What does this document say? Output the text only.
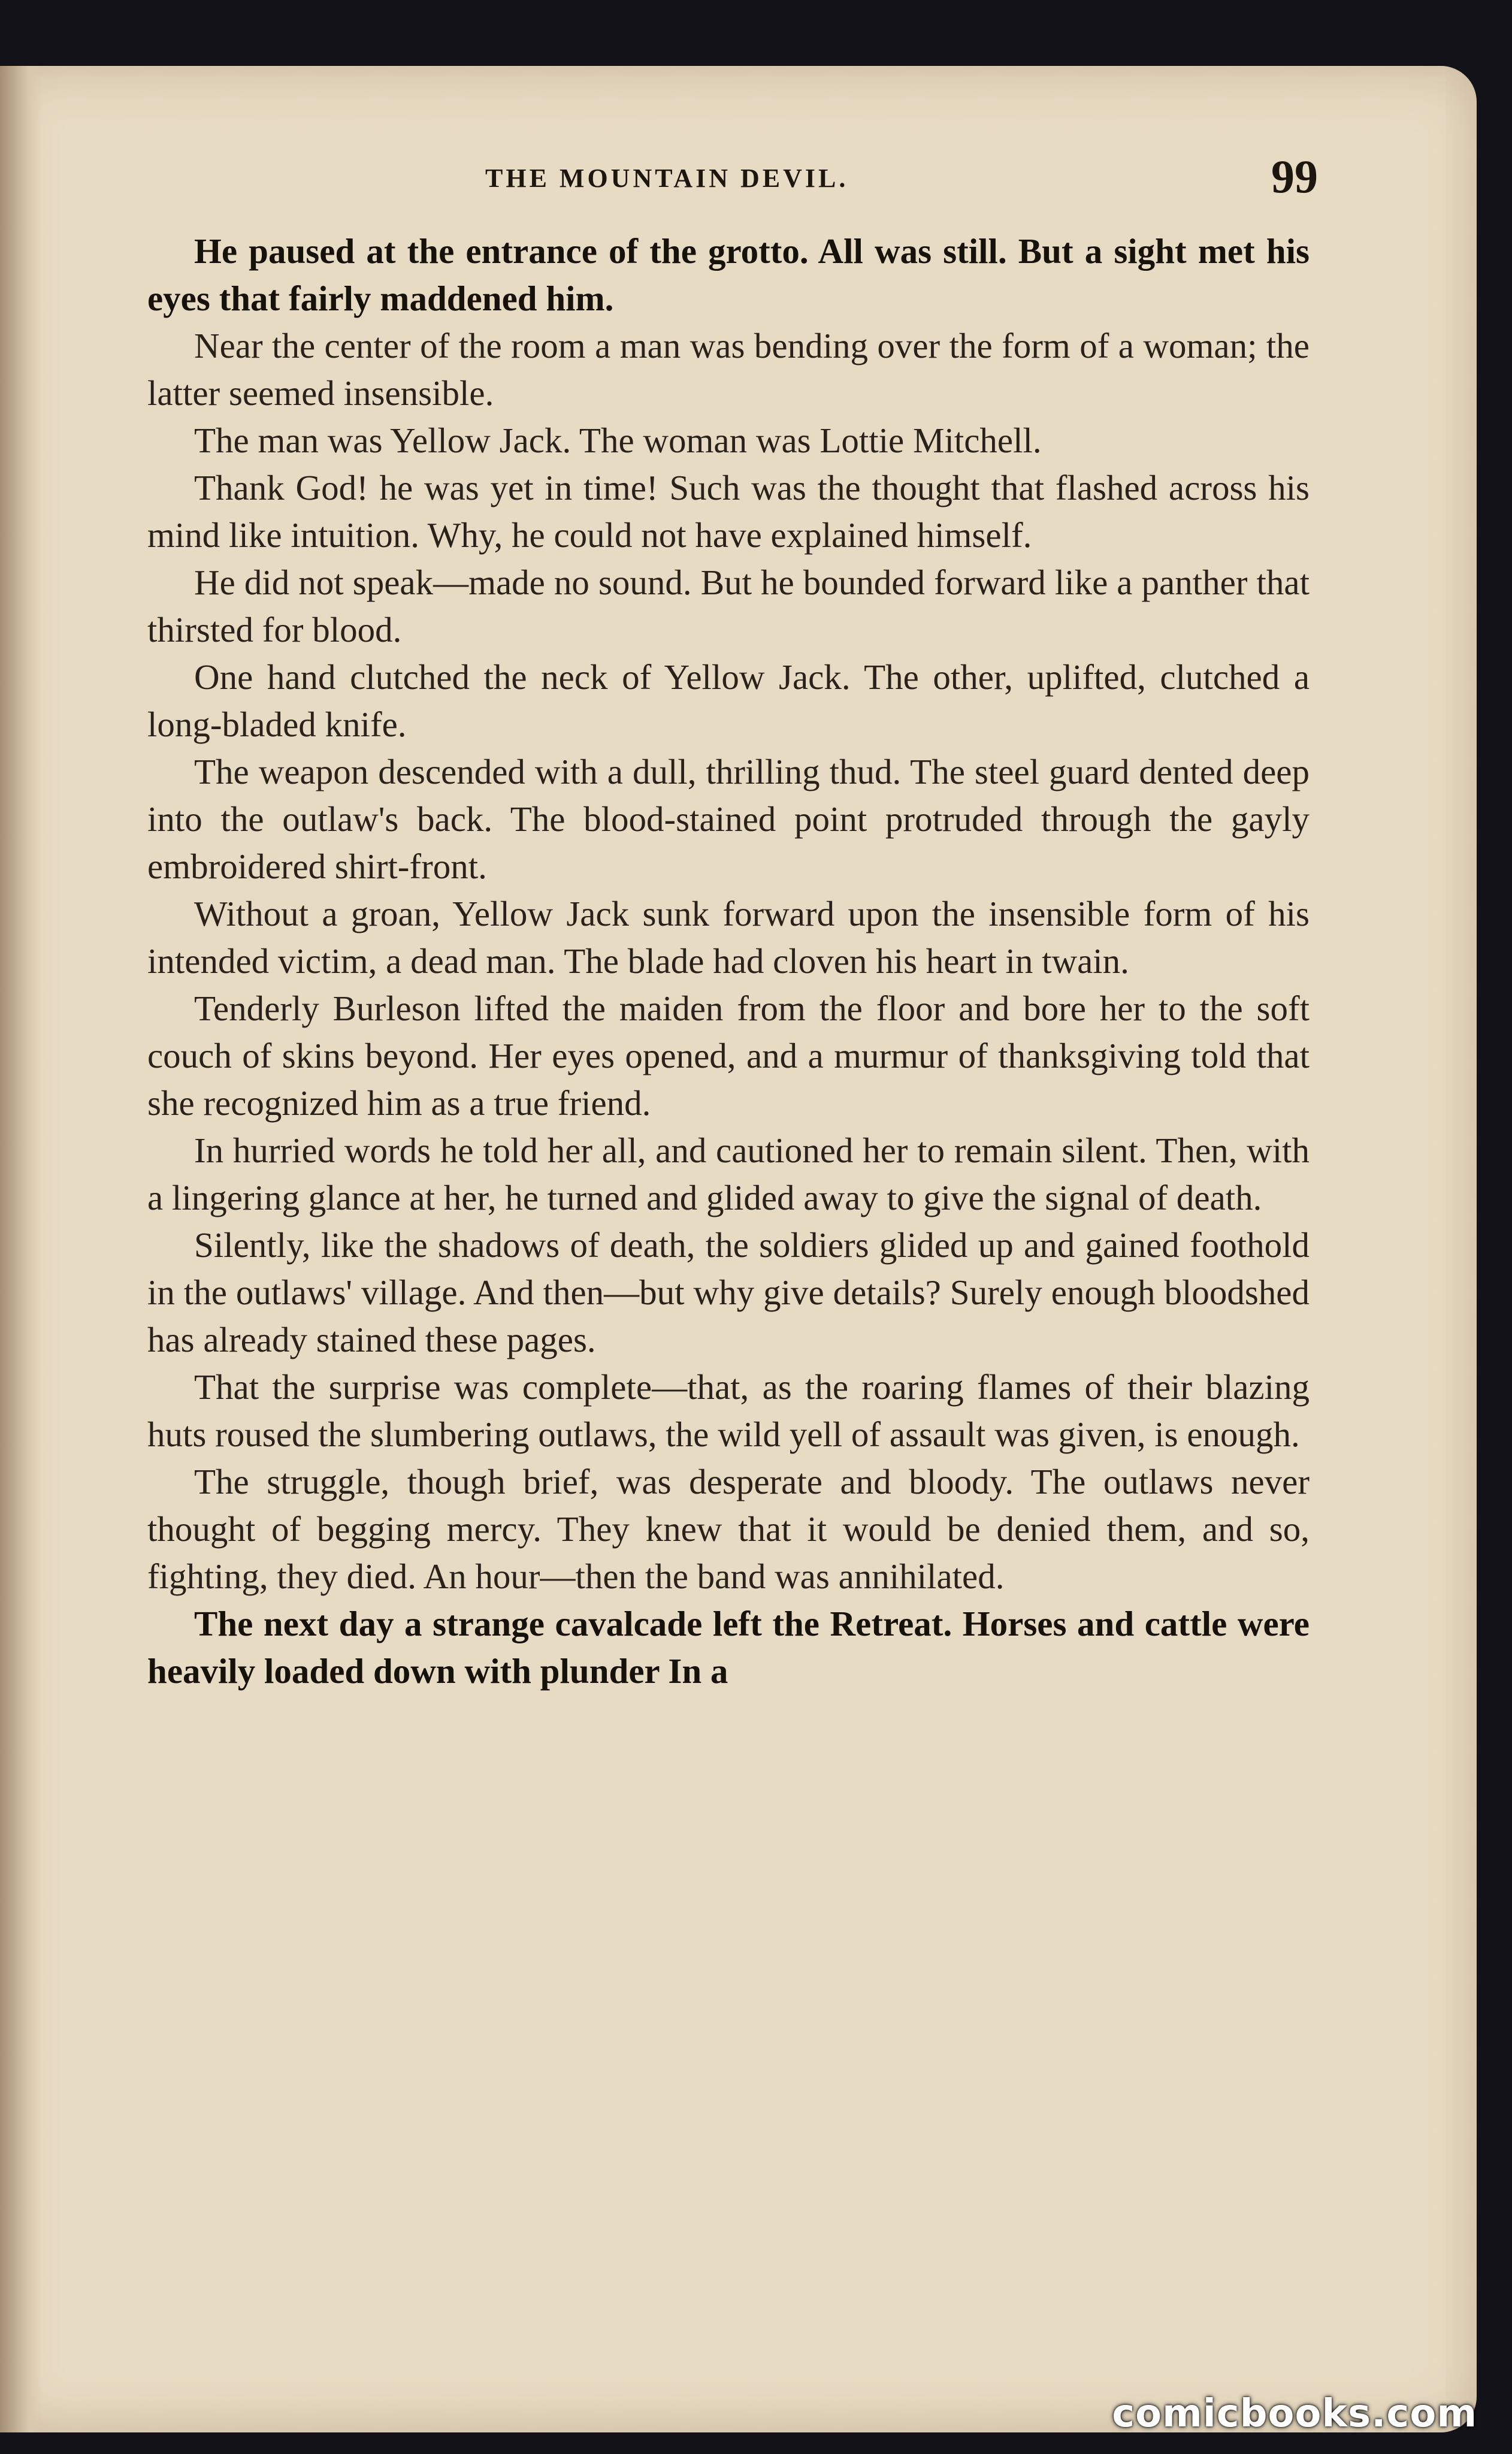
THE MOUNTAIN DEVIL.	99

He paused at the entrance of the grotto. All was still. But a sight met his eyes that fairly maddened him.

Near the center of the room a man was bending over the form of a woman; the latter seemed insensible.

The man was Yellow Jack. The woman was Lottie Mitchell.

Thank God! he was yet in time! Such was the thought that flashed across his mind like intuition. Why, he could not have explained himself.

He did not speak—made no sound. But he bounded forward like a panther that thirsted for blood.

One hand clutched the neck of Yellow Jack. The other, uplifted, clutched a long-bladed knife.

The weapon descended with a dull, thrilling thud. The steel guard dented deep into the outlaw's back. The blood-stained point protruded through the gayly embroidered shirt-front.

Without a groan, Yellow Jack sunk forward upon the insensible form of his intended victim, a dead man. The blade had cloven his heart in twain.

Tenderly Burleson lifted the maiden from the floor and bore her to the soft couch of skins beyond. Her eyes opened, and a murmur of thanksgiving told that she recognized him as a true friend.

In hurried words he told her all, and cautioned her to remain silent. Then, with a lingering glance at her, he turned and glided away to give the signal of death.

Silently, like the shadows of death, the soldiers glided up and gained foothold in the outlaws' village. And then—but why give details? Surely enough bloodshed has already stained these pages.

That the surprise was complete—that, as the roaring flames of their blazing huts roused the slumbering outlaws, the wild yell of assault was given, is enough.

The struggle, though brief, was desperate and bloody. The outlaws never thought of begging mercy. They knew that it would be denied them, and so, fighting, they died. An hour—then the band was annihilated.

The next day a strange cavalcade left the Retreat. Horses and cattle were heavily loaded down with plunder In a

comicbooks.com
